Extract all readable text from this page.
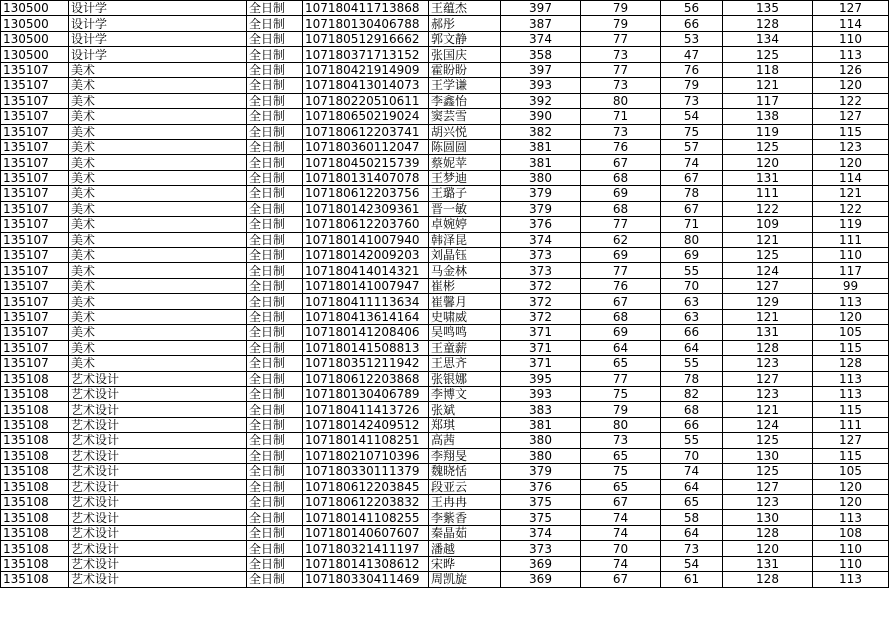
130500	设计学	全日制	107180411713868	王蕴杰	397	79	56	135	127
130500	设计学	全日制	107180130406788	郝彤	387	79	66	128	114
130500	设计学	全日制	107180512916662	郭文静	374	77	53	134	110
130500	设计学	全日制	107180371713152	张国庆	358	73	47	125	113
135107	美术	全日制	107180421914909	霍盼盼	397	77	76	118	126
135107	美术	全日制	107180413014073	王学谦	393	73	79	121	120
135107	美术	全日制	107180220510611	李鑫怡	392	80	73	117	122
135107	美术	全日制	107180650219024	窦芸雪	390	71	54	138	127
135107	美术	全日制	107180612203741	胡兴悦	382	73	75	119	115
135107	美术	全日制	107180360112047	陈圆圆	381	76	57	125	123
135107	美术	全日制	107180450215739	蔡妮苹	381	67	74	120	120
135107	美术	全日制	107180131407078	王梦迪	380	68	67	131	114
135107	美术	全日制	107180612203756	王璐子	379	69	78	111	121
135107	美术	全日制	107180142309361	晋一敏	379	68	67	122	122
135107	美术	全日制	107180612203760	卓婉婷	376	77	71	109	119
135107	美术	全日制	107180141007940	韩泽昆	374	62	80	121	111
135107	美术	全日制	107180142009203	刘晶钰	373	69	69	125	110
135107	美术	全日制	107180414014321	马金林	373	77	55	124	117
135107	美术	全日制	107180141007947	崔彬	372	76	70	127	99
135107	美术	全日制	107180411113634	崔馨月	372	67	63	129	113
135107	美术	全日制	107180413614164	史啸威	372	68	63	121	120
135107	美术	全日制	107180141208406	吴鸣鸣	371	69	66	131	105
135107	美术	全日制	107180141508813	王童薪	371	64	64	128	115
135107	美术	全日制	107180351211942	王思齐	371	65	55	123	128
135108	艺术设计	全日制	107180612203868	张银娜	395	77	78	127	113
135108	艺术设计	全日制	107180130406789	李博文	393	75	82	123	113
135108	艺术设计	全日制	107180411413726	张斌	383	79	68	121	115
135108	艺术设计	全日制	107180142409512	郑琪	381	80	66	124	111
135108	艺术设计	全日制	107180141108251	高茜	380	73	55	125	127
135108	艺术设计	全日制	107180210710396	李翔旻	380	65	70	130	115
135108	艺术设计	全日制	107180330111379	魏晓恬	379	75	74	125	105
135108	艺术设计	全日制	107180612203845	段亚云	376	65	64	127	120
135108	艺术设计	全日制	107180612203832	王冉冉	375	67	65	123	120
135108	艺术设计	全日制	107180141108255	李紫香	375	74	58	130	113
135108	艺术设计	全日制	107180140607607	秦晶茹	374	74	64	128	108
135108	艺术设计	全日制	107180321411197	潘越	373	70	73	120	110
135108	艺术设计	全日制	107180141308612	宋晔	369	74	54	131	110
135108	艺术设计	全日制	107180330411469	周凯旋	369	67	61	128	113
